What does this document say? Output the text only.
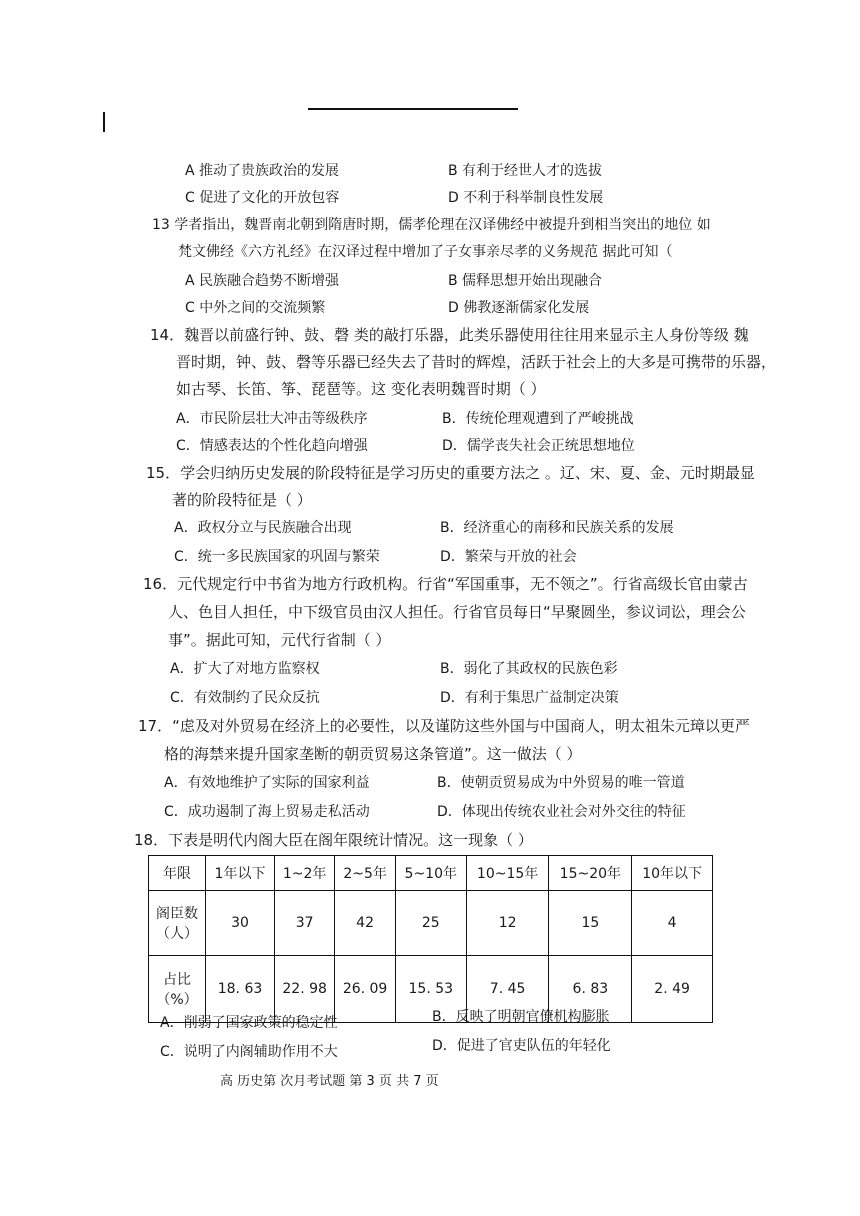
A 推动了贵族政治的发展	B 有利于经世人才的选拔
C 促进了文化的开放包容	D 不利于科举制良性发展
13 学者指出，魏晋南北朝到隋唐时期，儒孝伦理在汉译佛经中被提升到相当突出的地位 如
梵文佛经《六方礼经》在汉译过程中增加了子女事亲尽孝的义务规范 据此可知（
A 民族融合趋势不断增强	B 儒释思想开始出现融合
C 中外之间的交流频繁	D 佛教逐渐儒家化发展
14．魏晋以前盛行钟、鼓、磬 类的敲打乐器，此类乐器使用往往用来显示主人身份等级 魏
晋时期，钟、鼓、磬等乐器已经失去了昔时的辉煌，活跃于社会上的大多是可携带的乐器，
如古琴、长笛、筝、琵琶等。这 变化表明魏晋时期（ ）
A．市民阶层壮大冲击等级秩序	B．传统伦理观遭到了严峻挑战
C．情感表达的个性化趋向增强	D．儒学丧失社会正统思想地位
15．学会归纳历史发展的阶段特征是学习历史的重要方法之 。辽、宋、夏、金、元时期最显
著的阶段特征是（ ）
A．政权分立与民族融合出现	B．经济重心的南移和民族关系的发展
C．统一多民族国家的巩固与繁荣	D．繁荣与开放的社会
16．元代规定行中书省为地方行政机构。行省“军国重事，无不领之”。行省高级长官由蒙古
人、色目人担任，中下级官员由汉人担任。行省官员每日“早聚圆坐，参议词讼，理会公
事”。据此可知，元代行省制（ ）
A．扩大了对地方监察权	B．弱化了其政权的民族色彩
C．有效制约了民众反抗	D．有利于集思广益制定决策
17．“虑及对外贸易在经济上的必要性，以及谨防这些外国与中国商人，明太祖朱元璋以更严
格的海禁来提升国家垄断的朝贡贸易这条管道”。这一做法（ ）
A．有效地维护了实际的国家利益	B．使朝贡贸易成为中外贸易的唯一管道
C．成功遏制了海上贸易走私活动	D．体现出传统农业社会对外交往的特征
18．下表是明代内阁大臣在阁年限统计情况。这一现象（ ）
年限	1年以下	1~2年	2~5年	5~10年	10~15年	15~20年	10年以下

阁臣数
（人）	30	37	42	25	12	15	4

占比
（%）	18. 63	22. 98	26. 09	15. 53	7. 45	6. 83	2. 49
A．削弱了国家政策的稳定性	B．反映了明朝官僚机构膨胀
C．说明了内阁辅助作用不大	D．促进了官吏队伍的年轻化
高 历史第 次月考试题 第 3 页 共 7 页
